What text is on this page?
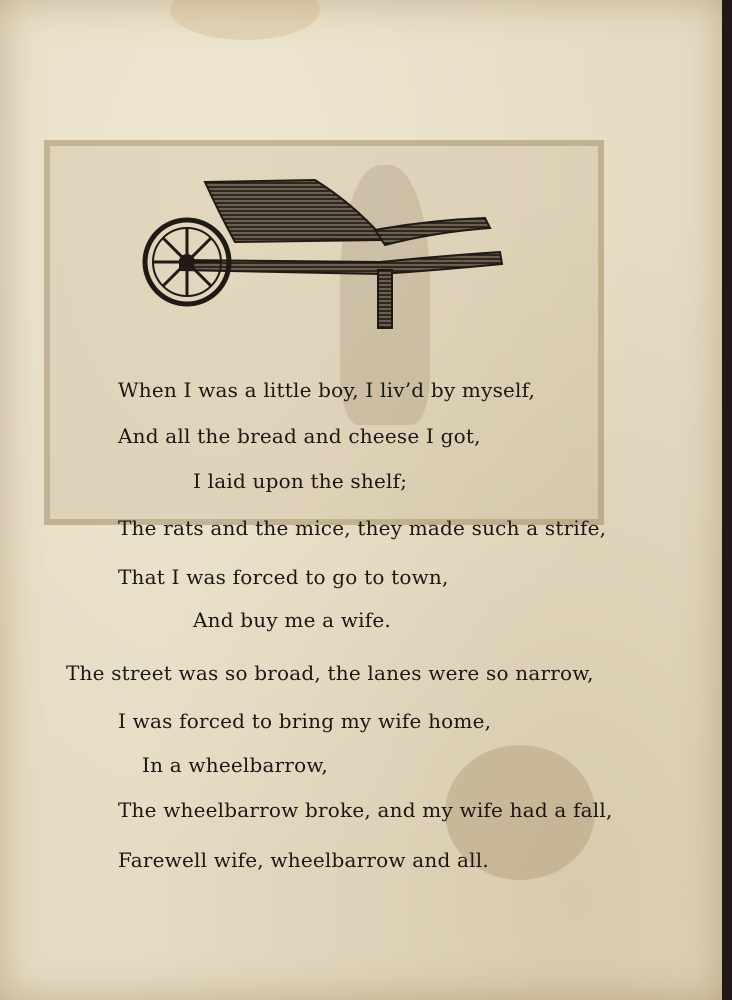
When I was a little boy, I liv’d by myself,
And all the bread and cheese I got,
I laid upon the shelf;
The rats and the mice, they made such a strife,
That I was forced to go to town,
And buy me a wife.
The street was so broad, the lanes were so narrow,
I was forced to bring my wife home,
In a wheelbarrow,
The wheelbarrow broke, and my wife had a fall,
Farewell wife, wheelbarrow and all.
